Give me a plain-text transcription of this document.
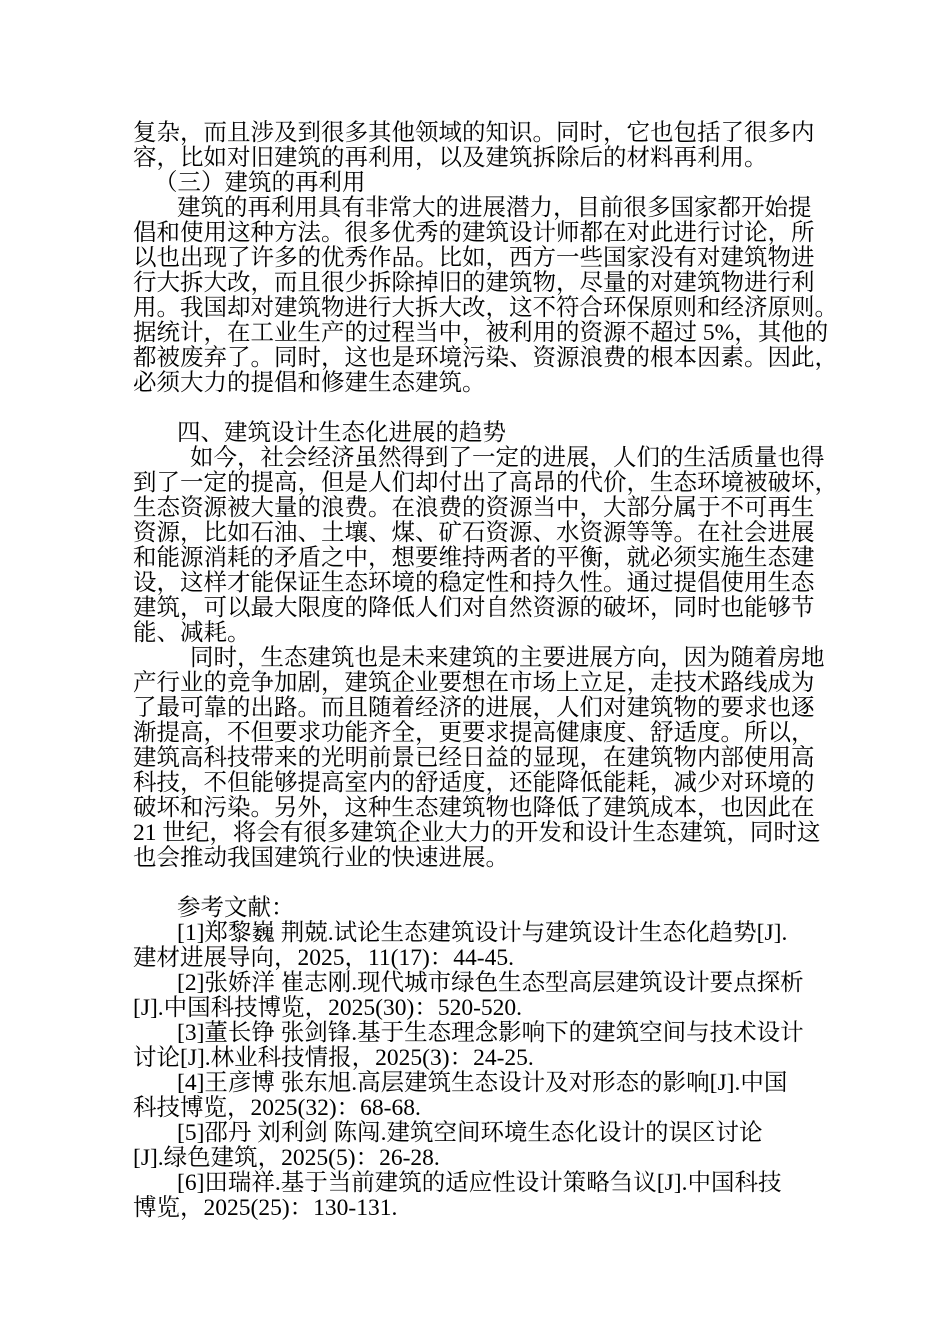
复杂，而且涉及到很多其他领域的知识。同时，它也包括了很多内
容，比如对旧建筑的再利用，以及建筑拆除后的材料再利用。
（三）建筑的再利用
建筑的再利用具有非常大的进展潜力，目前很多国家都开始提
倡和使用这种方法。很多优秀的建筑设计师都在对此进行讨论，所
以也出现了许多的优秀作品。比如，西方一些国家没有对建筑物进
行大拆大改，而且很少拆除掉旧的建筑物，尽量的对建筑物进行利
用。我国却对建筑物进行大拆大改，这不符合环保原则和经济原则。
据统计，在工业生产的过程当中，被利用的资源不超过 5%，其他的
都被废弃了。同时，这也是环境污染、资源浪费的根本因素。因此，
必须大力的提倡和修建生态建筑。
四、建筑设计生态化进展的趋势
如今，社会经济虽然得到了一定的进展，人们的生活质量也得
到了一定的提高，但是人们却付出了高昂的代价，生态环境被破坏，
生态资源被大量的浪费。在浪费的资源当中，大部分属于不可再生
资源，比如石油、土壤、煤、矿石资源、水资源等等。在社会进展
和能源消耗的矛盾之中，想要维持两者的平衡，就必须实施生态建
设，这样才能保证生态环境的稳定性和持久性。通过提倡使用生态
建筑，可以最大限度的降低人们对自然资源的破坏，同时也能够节
能、减耗。
同时，生态建筑也是未来建筑的主要进展方向，因为随着房地
产行业的竞争加剧，建筑企业要想在市场上立足，走技术路线成为
了最可靠的出路。而且随着经济的进展，人们对建筑物的要求也逐
渐提高，不但要求功能齐全，更要求提高健康度、舒适度。所以，
建筑高科技带来的光明前景已经日益的显现，在建筑物内部使用高
科技，不但能够提高室内的舒适度，还能降低能耗，减少对环境的
破坏和污染。另外，这种生态建筑物也降低了建筑成本，也因此在
21 世纪，将会有很多建筑企业大力的开发和设计生态建筑，同时这
也会推动我国建筑行业的快速进展。
参考文献：
[1]郑黎巍 荆兢.试论生态建筑设计与建筑设计生态化趋势[J].
建材进展导向，2025，11(17)：44-45.
[2]张娇洋 崔志刚.现代城市绿色生态型高层建筑设计要点探析
[J].中国科技博览，2025(30)：520-520.
[3]董长铮 张剑锋.基于生态理念影响下的建筑空间与技术设计
讨论[J].林业科技情报，2025(3)：24-25.
[4]王彦博 张东旭.高层建筑生态设计及对形态的影响[J].中国
科技博览，2025(32)：68-68.
[5]邵丹 刘利剑 陈闯.建筑空间环境生态化设计的误区讨论
[J].绿色建筑，2025(5)：26-28.
[6]田瑞祥.基于当前建筑的适应性设计策略刍议[J].中国科技
博览，2025(25)：130-131.
